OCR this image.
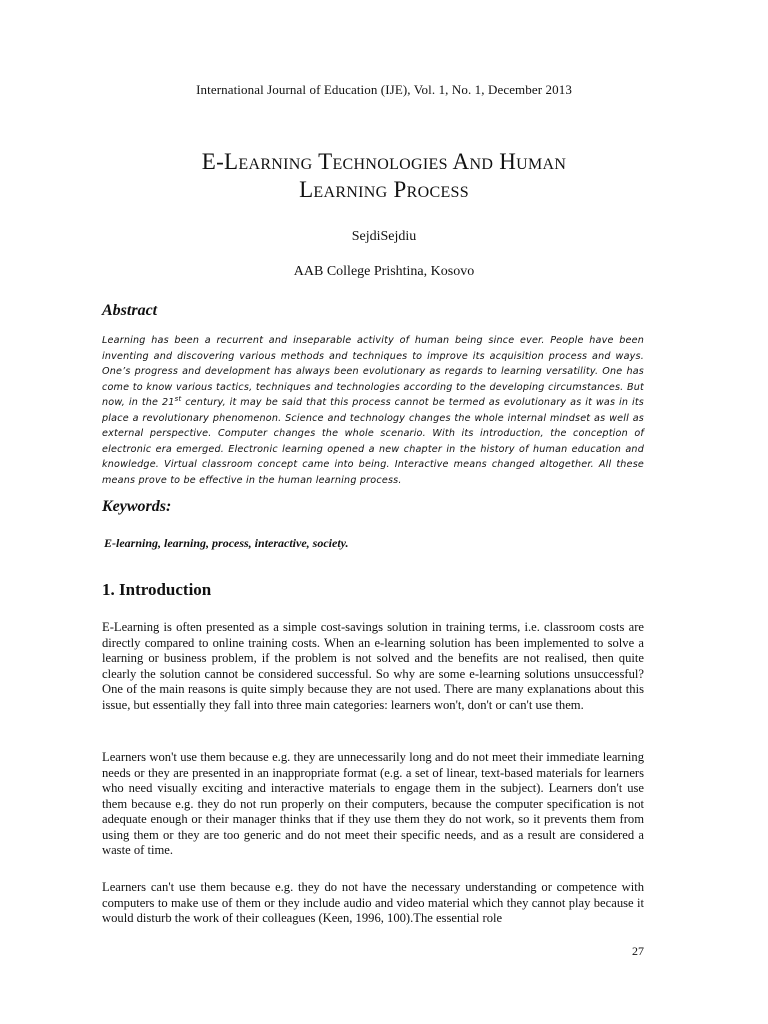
International Journal of Education (IJE), Vol. 1, No. 1, December 2013
E-Learning Technologies And Human
Learning Process
SejdiSejdiu
AAB College Prishtina, Kosovo
Abstract
Learning has been a recurrent and inseparable activity of human being since ever. People have been inventing and discovering various methods and techniques to improve its acquisition process and ways. One’s progress and development has always been evolutionary as regards to learning versatility. One has come to know various tactics, techniques and technologies according to the developing circumstances. But now, in the 21st century, it may be said that this process cannot be termed as evolutionary as it was in its place a revolutionary phenomenon. Science and technology changes the whole internal mindset as well as external perspective. Computer changes the whole scenario. With its introduction, the conception of electronic era emerged. Electronic learning opened a new chapter in the history of human education and knowledge. Virtual classroom concept came into being. Interactive means changed altogether. All these means prove to be effective in the human learning process.
Keywords:
E-learning, learning, process, interactive, society.
1. Introduction
E-Learning is often presented as a simple cost-savings solution in training terms, i.e. classroom costs are directly compared to online training costs. When an e-learning solution has been implemented to solve a learning or business problem, if the problem is not solved and the benefits are not realised, then quite clearly the solution cannot be considered successful. So why are some e-learning solutions unsuccessful? One of the main reasons is quite simply because they are not used. There are many explanations about this issue, but essentially they fall into three main categories: learners won't, don't or can't use them.
Learners won't use them because e.g. they are unnecessarily long and do not meet their immediate learning needs or they are presented in an inappropriate format (e.g. a set of linear, text-based materials for learners who need visually exciting and interactive materials to engage them in the subject). Learners don't use them because e.g. they do not run properly on their computers, because the computer specification is not adequate enough or their manager thinks that if they use them they do not work, so it prevents them from using them or they are too generic and do not meet their specific needs, and as a result are considered a waste of time.
Learners can't use them because e.g. they do not have the necessary understanding or competence with computers to make use of them or they include audio and video material which they cannot play because it would disturb the work of their colleagues (Keen, 1996, 100).The essential role
27
